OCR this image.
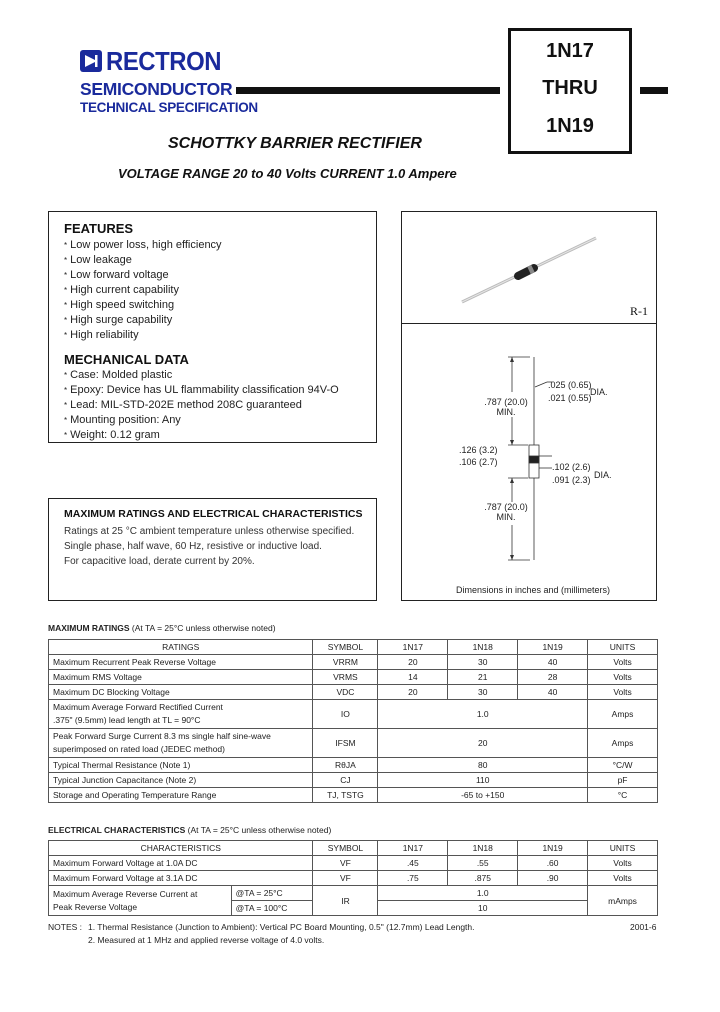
RECTRON
SEMICONDUCTOR
TECHNICAL SPECIFICATION
1N17
THRU
1N19
SCHOTTKY BARRIER RECTIFIER
VOLTAGE RANGE 20 to 40 Volts CURRENT 1.0 Ampere
FEATURES
* Low power loss, high efficiency
* Low leakage
* Low forward voltage
* High current capability
* High speed switching
* High surge capability
* High reliability
MECHANICAL DATA
* Case: Molded plastic
* Epoxy: Device has UL flammability classification 94V-O
* Lead: MIL-STD-202E method 208C guaranteed
* Mounting position: Any
* Weight: 0.12 gram
R-1
.787 (20.0)
MIN.
.025 (0.65)
.021 (0.55)
DIA.
.126 (3.2)
.106 (2.7)	.102 (2.6)
.091 (2.3) DIA.
.787 (20.0)
MIN.
Dimensions in inches and (millimeters)
MAXIMUM RATINGS AND ELECTRICAL CHARACTERISTICS
Ratings at 25 °C ambient temperature unless otherwise specified.
Single phase, half wave, 60 Hz, resistive or inductive load.
For capacitive load, derate current by 20%.
MAXIMUM RATINGS (At TA = 25°C unless otherwise noted)
RATINGS	SYMBOL	1N17	1N18	1N19	UNITS
Maximum Recurrent Peak Reverse Voltage	VRRM	20	30	40	Volts
Maximum RMS Voltage	VRMS	14	21	28	Volts
Maximum DC Blocking Voltage	VDC	20	30	40	Volts

Maximum Average Forward Rectified Current
.375" (9.5mm) lead length at TL = 90°C	IO	1.0			Amps

Peak Forward Surge Current 8.3 ms single half sine-wave
superimposed on rated load (JEDEC method)	IFSM	20			Amps
Typical Thermal Resistance (Note 1)	RθJA	80			°C/W
Typical Junction Capacitance (Note 2)	CJ	110			pF
Storage and Operating Temperature Range	TJ, TSTG	-65 to +150			°C
ELECTRICAL CHARACTERISTICS (At TA = 25°C unless otherwise noted)
CHARACTERISTICS		SYMBOL	1N17	1N18	1N19	UNITS
Maximum Forward Voltage at 1.0A DC		VF	.45	.55	.60	Volts
Maximum Forward Voltage at 3.1A DC		VF	.75	.875	.90	Volts

Maximum Average Reverse Current at
Peak Reverse Voltage	@TA = 25°C	IR	1.0			mAmps
	@TA = 100°C		10			
NOTES : 1. Thermal Resistance (Junction to Ambient): Vertical PC Board Mounting, 0.5" (12.7mm) Lead Length.
2. Measured at 1 MHz and applied reverse voltage of 4.0 volts.
2001-6
